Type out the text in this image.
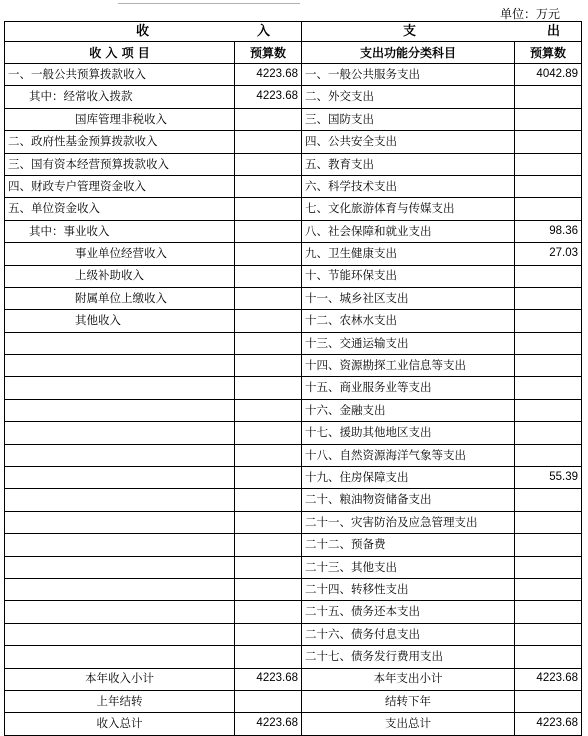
单位：万元
收 入		支 出	

收 入 项 目	预算数	支出功能分类科目	预算数
一、一般公共预算拨款收入	4223.68	一、一般公共服务支出	4042.89
其中：经常收入拨款	4223.68	二、外交支出	
国库管理非税收入		三、国防支出	
二、政府性基金预算拨款收入		四、公共安全支出	
三、国有资本经营预算拨款收入		五、教育支出	
四、财政专户管理资金收入		六、科学技术支出	
五、单位资金收入		七、文化旅游体育与传媒支出	
其中：事业收入		八、社会保障和就业支出	98.36
事业单位经营收入		九、卫生健康支出	27.03
上级补助收入		十、节能环保支出	
附属单位上缴收入		十一、城乡社区支出	
其他收入		十二、农林水支出	
		十三、交通运输支出	
		十四、资源勘探工业信息等支出	
		十五、商业服务业等支出	
		十六、金融支出	
		十七、援助其他地区支出	
		十八、自然资源海洋气象等支出	
		十九、住房保障支出	55.39
		二十、粮油物资储备支出	
		二十一、灾害防治及应急管理支出	
		二十二、预备费	
		二十三、其他支出	
		二十四、转移性支出	
		二十五、债务还本支出	
		二十六、债务付息支出	
		二十七、债务发行费用支出	
本年收入小计	4223.68	本年支出小计	4223.68
上年结转		结转下年	
收入总计	4223.68	支出总计	4223.68
